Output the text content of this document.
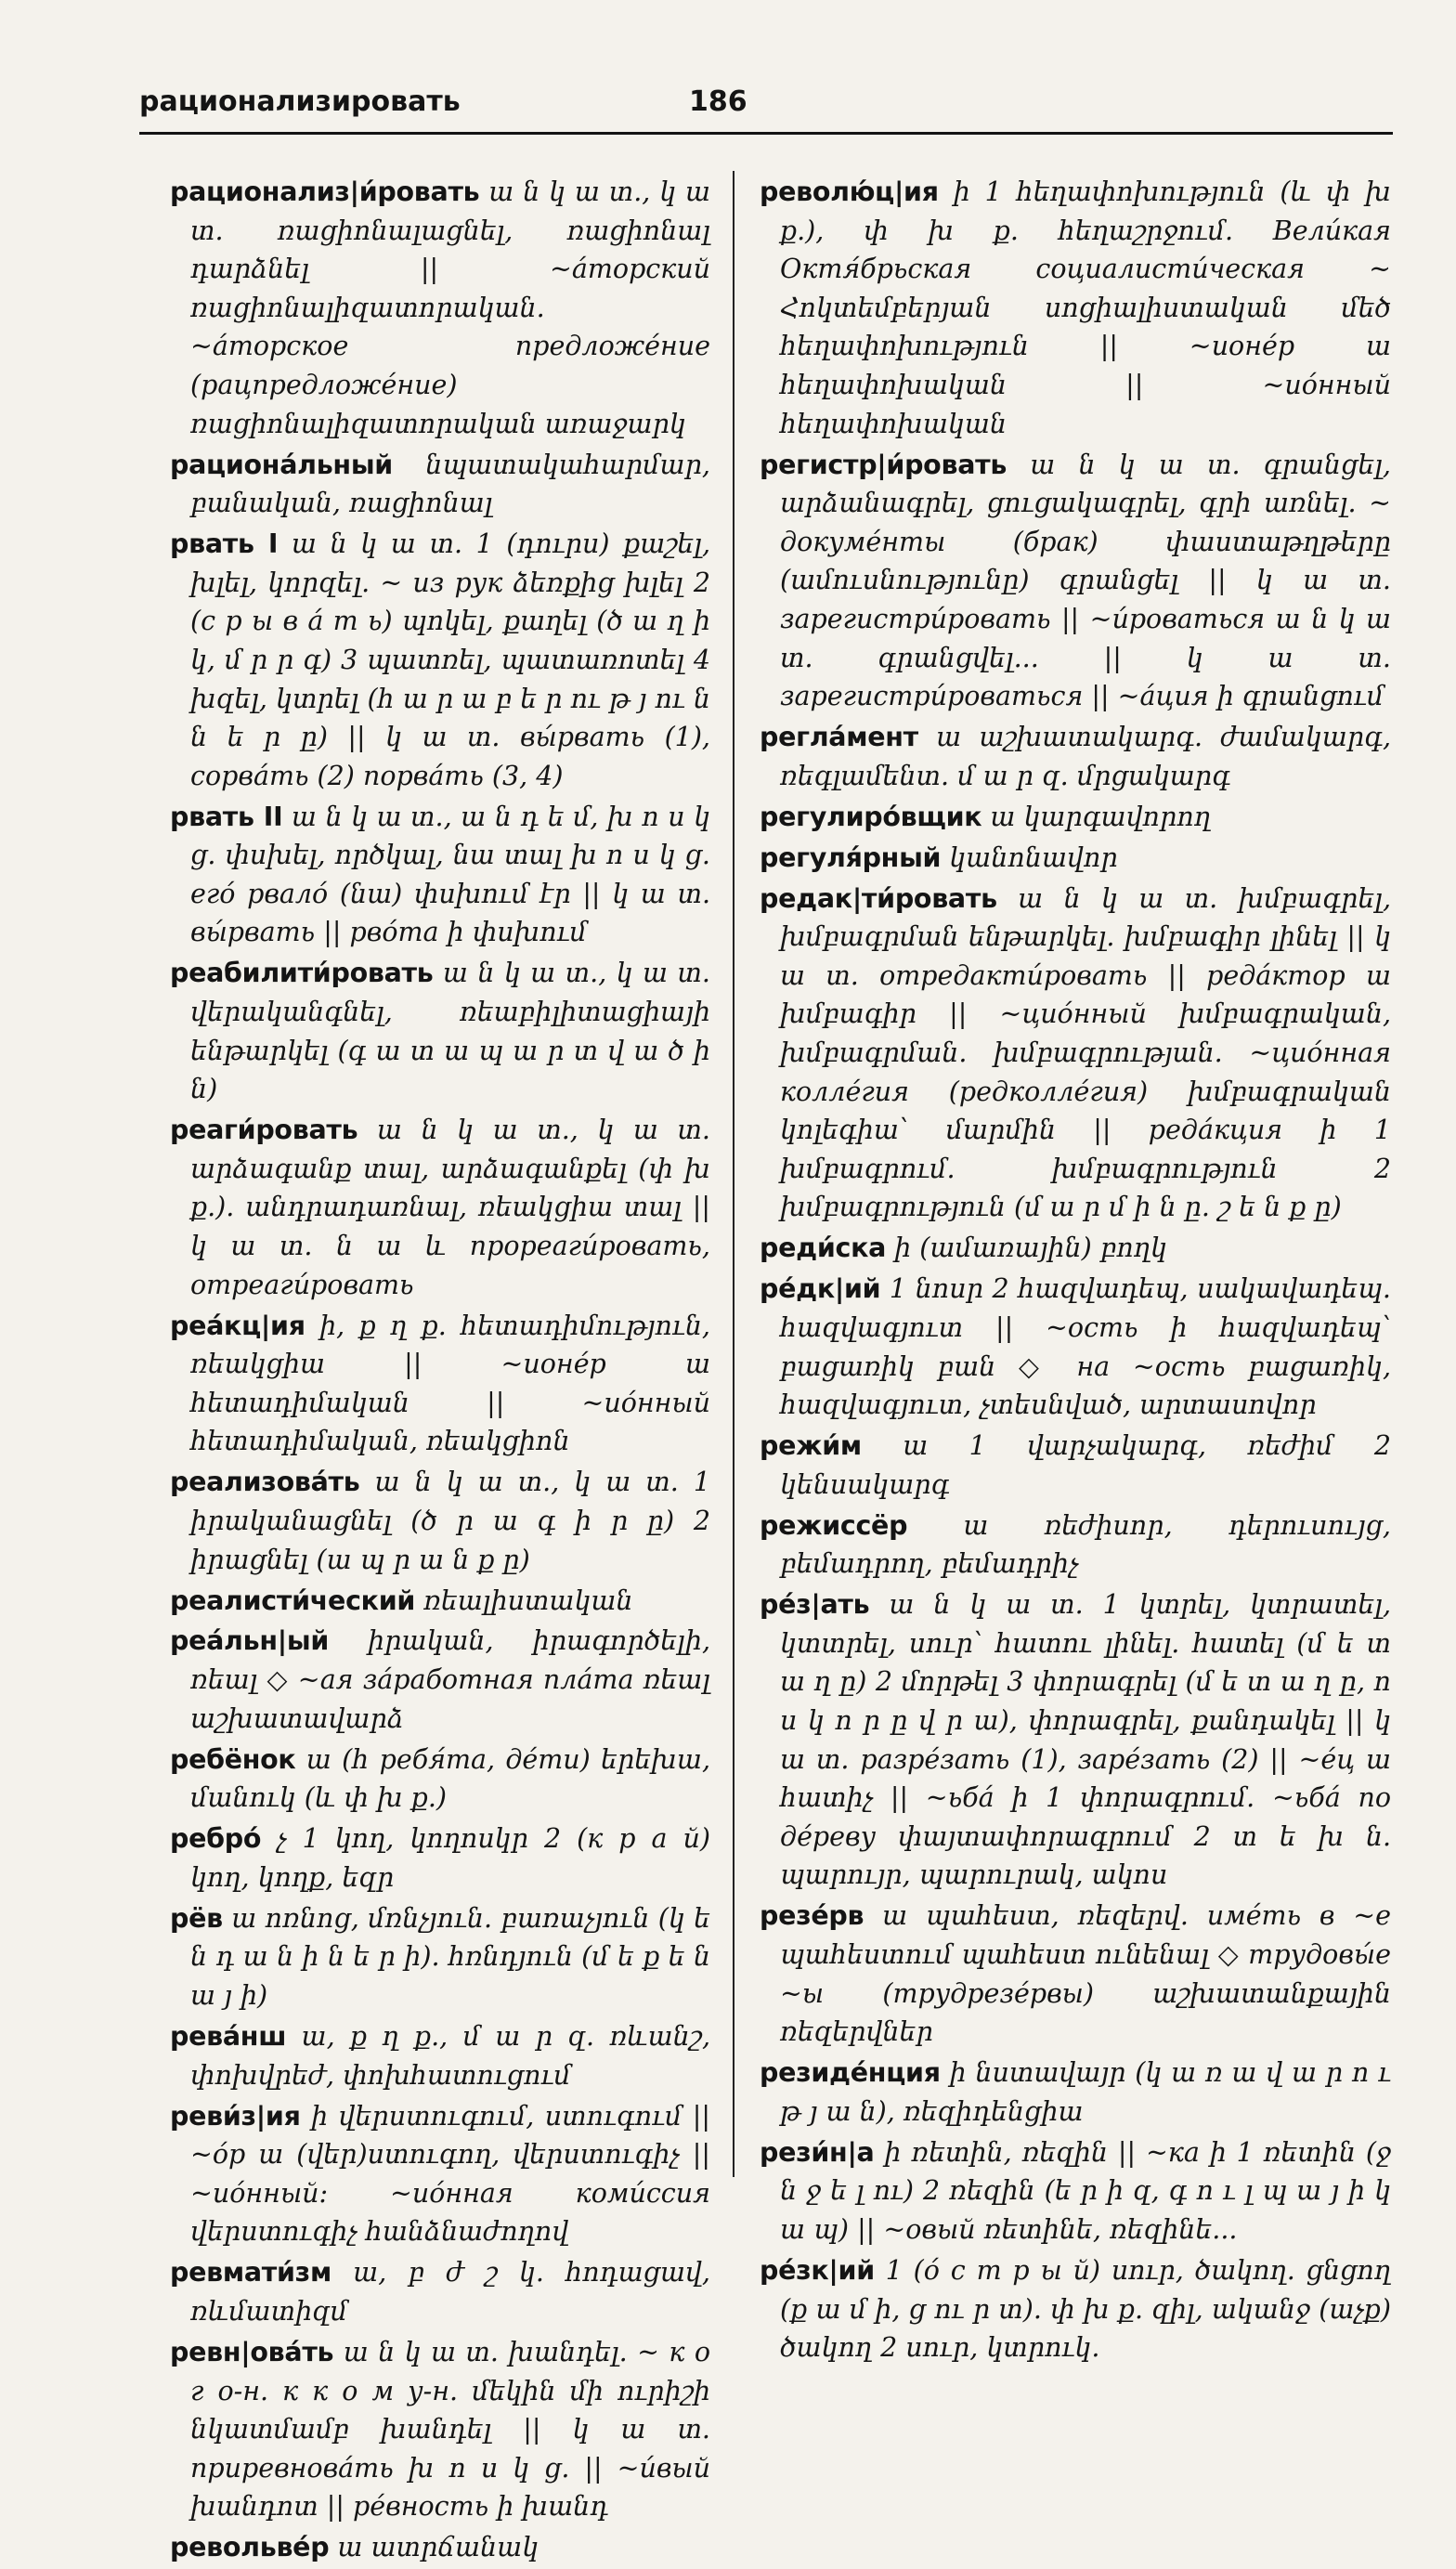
рационализировать	186

рационализ|и́ровать ա ն կ ա տ., կ ա տ. ռացիոնալացնել, ռացիոնալ դարձնել || ~а́торский ռացիոնալիզատորական. ~а́торское предложе́ние (рацпредложе́ние) ռացիոնալիզատորական առաջարկ

рациона́льный նպատակահարմար, բանական, ռացիոնալ

рвать I ա ն կ ա տ. 1 (դուրս) քաշել, խլել, կորզել. ~ из рук ձեռքից խլել 2 (с р ы в а́ т ь) պոկել, քաղել (ծ ա ղ ի կ, մ ր ր գ) 3 պատռել, պատառոտել 4 խզել, կտրել (հ ա ր ա բ ե ր ու թ յ ու ն ն ե ր ը) || կ ա տ. вы́рвать (1), сорва́ть (2) порва́ть (3, 4)

рвать II ա ն կ ա տ., ա ն դ ե մ, խ ո ս կ ց. փսխել, ործկալ, նա տալ խ ո ս կ ց. его́ рвало́ (նա) փսխում էր || կ ա տ. вы́рвать || рво́та ի փսխում

реабилити́ровать ա ն կ ա տ., կ ա տ. վերականգնել, ռեաբիլիտացիայի ենթարկել (գ ա տ ա պ ա ր տ վ ա ծ ի ն)

реаги́ровать ա ն կ ա տ., կ ա տ. արձագանք տալ, արձագանքել (փ խ ք.). անդրադառնալ, ռեակցիա տալ || կ ա տ. ն ա և прореаги́ровать, отреаги́ровать

реа́кц|ия ի, ք ղ ք. հետադիմություն, ռեակցիա || ~ионе́р ա հետադիմական || ~ио́нный հետադիմական, ռեակցիոն

реализова́ть ա ն կ ա տ., կ ա տ. 1 իրականացնել (ծ ր ա գ ի ր ը) 2 իրացնել (ա պ ր ա ն ք ը)

реалисти́ческий ռեալիստական

реа́льн|ый իրական, իրագործելի, ռեալ ◇ ~ая за́работная пла́та ռեալ աշխատավարձ

ребёнок ա (հ ребя́та, де́ти) երեխա, մանուկ (և փ խ ք.)

ребро́ չ 1 կող, կողոսկր 2 (к р а й) կող, կողք, եզր

рёв ա ոռնոց, մռնչյուն. բառաչյուն (կ ե ն դ ա ն ի ն ե ր ի). հռնդյուն (մ ե ք ե ն ա յ ի)

рева́нш ա, ք ղ ք., մ ա ր զ. ռևանշ, փոխվրեժ, փոխհատուցում

реви́з|ия ի վերստուգում, ստուգում || ~о́р ա (վեր)ստուգող, վերստուգիչ || ~ио́нный: ~ио́нная коми́ссия վերստուգիչ հանձնաժողով

ревмати́зм ա, բ ժ շ կ. հոդացավ, ռևմատիզմ

ревн|ова́ть ա ն կ ա տ. խանդել. ~ к о г о-н. к к о м у-н. մեկին մի ուրիշի նկատմամբ խանդել || կ ա տ. приревнова́ть խ ո ս կ ց. || ~и́вый խանդոտ || ре́вность ի խանդ

револьве́р ա ատրճանակ

револю́ц|ия ի 1 հեղափոխություն (և փ խ ք.), փ խ ք. հեղաշրջում. Вели́кая Октя́брьская социалисти́ческая ~ Հոկտեմբերյան սոցիալիստական մեծ հեղափոխություն || ~ионе́р ա հեղափոխական || ~ио́нный հեղափոխական

регистр|и́ровать ա ն կ ա տ. գրանցել, արձանագրել, ցուցակագրել, գրի առնել. ~ докуме́нты (брак) փաստաթղթերը (ամուսնությունը) գրանցել || կ ա տ. зарегистри́ровать || ~и́роваться ա ն կ ա տ. գրանցվել... || կ ա տ. зарегистри́роваться || ~а́ция ի գրանցում

регла́мент ա աշխատակարգ. ժամակարգ, ռեգլամենտ. մ ա ր զ. մրցակարգ

регулиро́вщик ա կարգավորող

регуля́рный կանոնավոր

редак|ти́ровать ա ն կ ա տ. խմբագրել, խմբագրման ենթարկել. խմբագիր լինել || կ ա տ. отредакти́ровать || реда́ктор ա խմբագիր || ~цио́нный խմբագրական, խմբագրման. խմբագրության. ~цио́нная колле́гия (редколле́гия) խմբագրական կոլեգիա՝ մարմին || реда́кция ի 1 խմբագրում. խմբագրություն 2 խմբագրություն (մ ա ր մ ի ն ը. շ ե ն ք ը)

реди́ска ի (ամառային) բողկ

ре́дк|ий 1 նոսր 2 հազվադեպ, սակավադեպ. հազվագյուտ || ~ость ի հազվադեպ՝ բացառիկ բան ◇ на ~ость բացառիկ, հազվագյուտ, չտեսնված, արտասովոր

режи́м ա 1 վարչակարգ, ռեժիմ 2 կենսակարգ

режиссёр ա ռեժիսոր, դերուսույց, բեմադրող, բեմադրիչ

ре́з|ать ա ն կ ա տ. 1 կտրել, կտրատել, կտտրել, սուր՝ հատու լինել. հատել (մ ե տ ա ղ ը) 2 մորթել 3 փորագրել (մ ե տ ա ղ ը, ո ս կ ո ր ը վ ր ա), փորագրել, քանդակել || կ ա տ. разре́зать (1), заре́зать (2) || ~е́ц ա հատիչ || ~ьба́ ի 1 փորագրում. ~ьба́ по де́реву փայտափորագրում 2 տ ե խ ն. պարույր, պարուրակ, ակոս

резе́рв ա պահեստ, ռեզերվ. име́ть в ~е պահեստում պահեստ ունենալ ◇ трудовы́е ~ы (трудрезе́рвы) աշխատանքային ռեզերվներ

резиде́нция ի նստավայր (կ ա ռ ա վ ա ր ո ւ թ յ ա ն), ռեզիդենցիա

рези́н|а ի ռետին, ռեզին || ~ка ի 1 ռետին (ջ ն ջ ե լ ու) 2 ռեզին (ե ր ի զ, գ ո ւ լ պ ա յ ի կ ա պ) || ~овый ռետինե, ռեզինե...

ре́зк|ий 1 (о́ с т р ы й) սուր, ծակող. ցնցող (ք ա մ ի, ց ու ր տ). փ խ ք. զիլ, ականջ (աչք) ծակող 2 սուր, կտրուկ.
